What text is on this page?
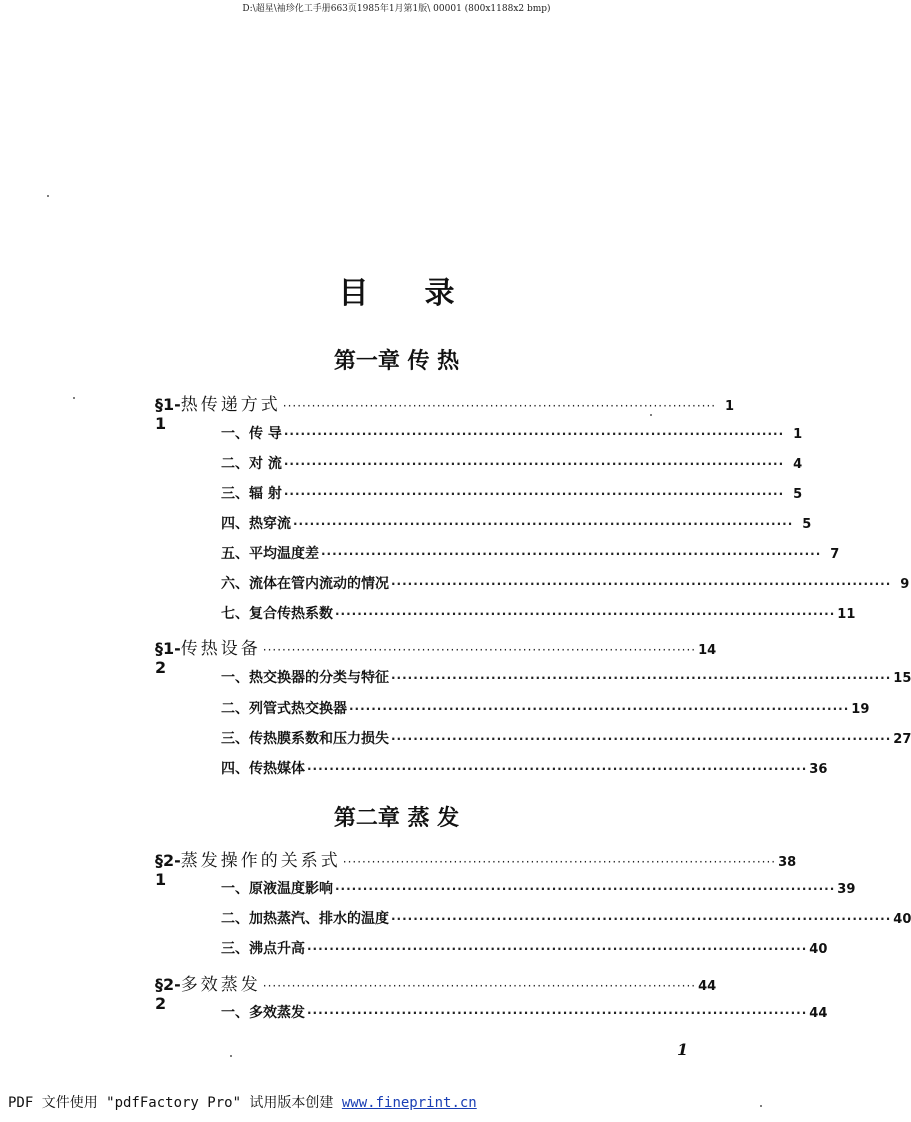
D:\超星\袖珍化工手册663页1985年1月第1版\ 00001 (800x1188x2 bmp)
目 录
第一章 传 热
§1-1
热传递方式 ·························································································· 1
一、传 导 ·························································································· 1
二、对 流 ·························································································· 4
三、辐 射 ·························································································· 5
四、热穿流 ·························································································· 5
五、平均温度差 ·························································································· 7
六、流体在管内流动的情况 ·························································································· 9
七、复合传热系数 ·························································································· 11
§1-2
传热设备 ·························································································· 14
一、热交换器的分类与特征 ·························································································· 15
二、列管式热交换器 ·························································································· 19
三、传热膜系数和压力损失 ·························································································· 27
四、传热媒体 ·························································································· 36
第二章 蒸 发
§2-1
蒸发操作的关系式 ·························································································· 38
一、原液温度影响 ·························································································· 39
二、加热蒸汽、排水的温度 ·························································································· 40
三、沸点升高 ·························································································· 40
§2-2
多效蒸发 ·························································································· 44
一、多效蒸发 ·························································································· 44
1
PDF 文件使用 "pdfFactory Pro" 试用版本创建 www.fineprint.cn
